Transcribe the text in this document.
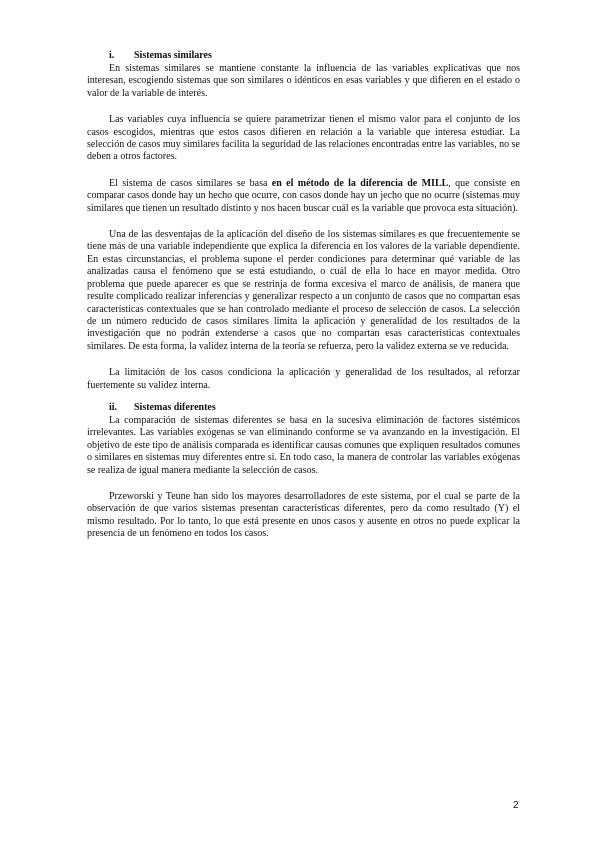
i.	Sistemas similares

En sistemas similares se mantiene constante la influencia de las variables explicativas que nos interesan, escogiendo sistemas que son similares o idénticos en esas variables y que difieren en el estado o valor de la variable de interés.

Las variables cuya influencia se quiere parametrizar tienen el mismo valor para el conjunto de los casos escogidos, mientras que estos casos difieren en relación a la variable que interesa estudiar. La selección de casos muy similares facilita la seguridad de las relaciones encontradas entre las variables, no se deben a otros factores.

El sistema de casos similares se basa en el método de la diferencia de MILL, que consiste en comparar casos donde hay un hecho que ocurre, con casos donde hay un jecho que no ocurre (sistemas muy similares que tienen un resultado distinto y nos hacen buscar cuál es la variable que provoca esta situación).

Una de las desventajas de la aplicación del diseño de los sistemas similares es que frecuentemente se tiene más de una variable independiente que explica la diferencia en los valores de la variable dependiente. En estas circunstancias, el problema supone el perder condiciones para determinar qué variable de las analizadas causa el fenómeno que se está estudiando, o cuál de ella lo hace en mayor medida. Otro problema que puede aparecer es que se restrinja de forma excesiva el marco de análisis, de manera que resulte complicado realizar inferencias y generalizar respecto a un conjunto de casos que no compartan esas características contextuales que se han controlado mediante el proceso de selección de casos. La selección de un número reducido de casos similares limita la aplicación y generalidad de los resultados de la investigación que no podrán extenderse a casos que no compartan esas características contextuales similares. De esta forma, la validez interna de la teoría se refuerza, pero la validez externa se ve reducida.

La limitación de los casos condiciona la aplicación y generalidad de los resultados, al reforzar fuertemente su validez interna.

ii.	Sistemas diferentes

La comparación de sistemas diferentes se basa en la sucesiva eliminación de factores sistémicos irrelevantes. Las variables exógenas se van eliminando conforme se va avanzando en la investigación. El objetivo de este tipo de análisis comparada es identificar causas comunes que expliquen resultados comunes o similares en sistemas muy diferentes entre sí. En todo caso, la manera de controlar las variables exógenas se realiza de igual manera mediante la selección de casos.

Przeworski y Teune han sido los mayores desarrolladores de este sistema, por el cual se parte de la observación de que varios sistemas presentan características diferentes, pero da como resultado (Y) el mismo resultado. Por lo tanto, lo que está presente en unos casos y ausente en otros no puede explicar la presencia de un fenómeno en todos los casos.

2
